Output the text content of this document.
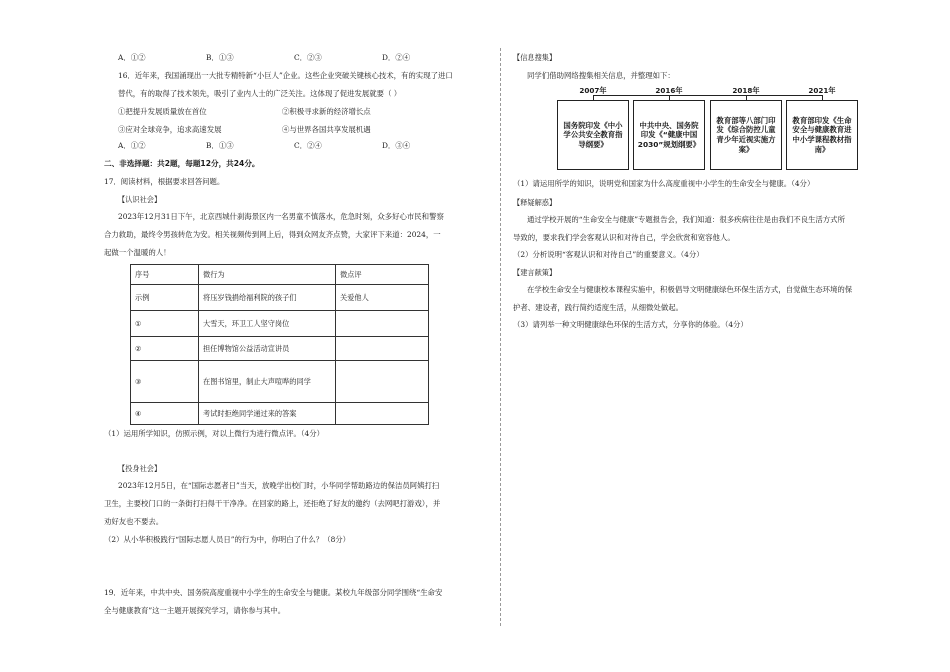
A．①②	B．①③	C．②③	D．②④
16．近年来，我国涌现出一大批专精特新“小巨人”企业。这些企业突破关键核心技术，有的实现了进口
替代，有的取得了技术领先，吸引了业内人士的广泛关注。这体现了促进发展就要（ ）
①把提升发展质量放在首位	②积极寻求新的经济增长点
③应对全球竞争，追求高速发展	④与世界各国共享发展机遇
A．①②	B．①③	C．②④	D．③④
二、非选择题：共2题，每题12分，共24分。
17．阅读材料，根据要求回答问题。
【认识社会】
2023年12月31日下午，北京西城什刹海景区内一名男童不慎落水，危急时刻，众多好心市民和警察
合力救助，最终令男孩转危为安。相关视频传到网上后，得到众网友齐点赞，大家评下来道：2024，一
起做一个温暖的人！
序号	微行为	微点评
示例	将压岁钱捐给福利院的孩子们	关爱他人
①	大雪天，环卫工人坚守岗位	
②	担任博物馆公益活动宣讲员	
③	在图书馆里，制止大声喧哗的同学	
④	考试时拒绝同学递过来的答案	
（1）运用所学知识，仿照示例，对以上微行为进行微点评。（4分）
【投身社会】
2023年12月5日，在“国际志愿者日”当天，放晚学出校门时，小华同学帮助路边的保洁员阿姨打扫
卫生，主要校门口的一条街打扫得干干净净。在回家的路上，还拒绝了好友的邀约（去网吧打游戏），并
劝好友也不要去。
（2）从小华积极践行“国际志愿人员日”的行为中，你明白了什么？（8分）
19．近年来，中共中央、国务院高度重视中小学生的生命安全与健康。某校九年级部分同学围绕“生命安
全与健康教育”这一主题开展探究学习，请你参与其中。
【信息搜集】
同学们借助网络搜集相关信息，并整理如下：
2007年	2016年	2018年	2021年
国务院印发《中小学公共安全教育指导纲要》
中共中央、国务院印发《“健康中国2030”规划纲要》
教育部等八部门印发《综合防控儿童青少年近视实施方案》
教育部印发《生命安全与健康教育进中小学课程教材指南》
（1）请运用所学的知识，说明党和国家为什么高度重视中小学生的生命安全与健康。（4分）
【释疑解惑】
通过学校开展的“生命安全与健康”专题报告会，我们知道：很多疾病往往是由我们不良生活方式所
导致的，要求我们学会客观认识和对待自己，学会欣赏和宽容他人。
（2）分析说明“客观认识和对待自己”的重要意义。（4分）
【建言献策】
在学校生命安全与健康校本课程实施中，积极倡导文明健康绿色环保生活方式，自觉做生态环境的保
护者、建设者，践行简约适度生活，从细微处做起。
（3）请列举一种文明健康绿色环保的生活方式，分享你的体验。（4分）
